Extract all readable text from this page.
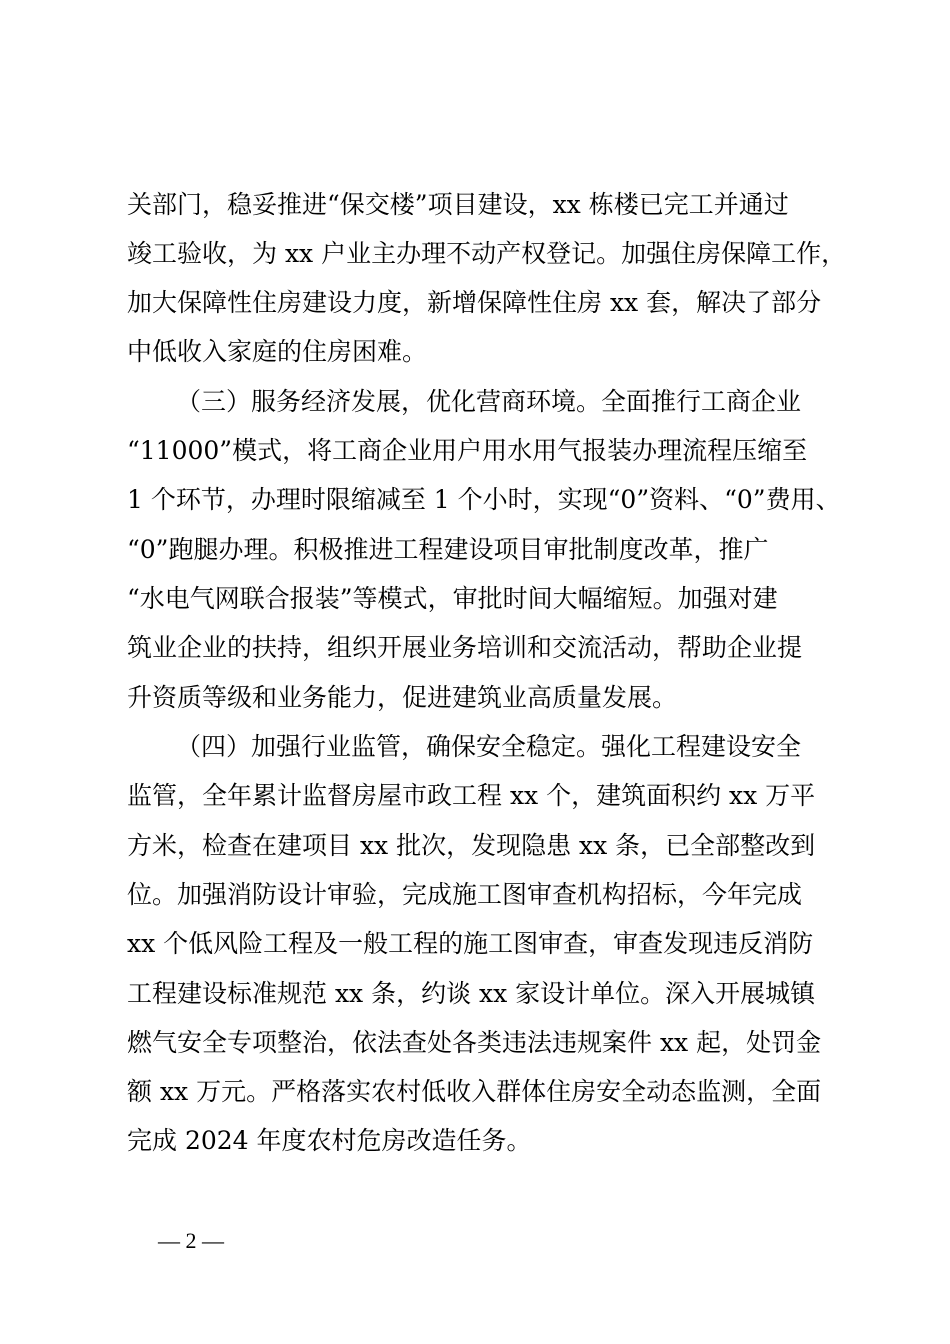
关部门，稳妥推进“保交楼”项目建设，xx 栋楼已完工并通过
竣工验收，为 xx 户业主办理不动产权登记。加强住房保障工作，
加大保障性住房建设力度，新增保障性住房 xx 套，解决了部分
中低收入家庭的住房困难。
（三）服务经济发展，优化营商环境。全面推行工商企业
“11000”模式，将工商企业用户用水用气报装办理流程压缩至
1 个环节，办理时限缩减至 1 个小时，实现“0”资料、“0”费用、
“0”跑腿办理。积极推进工程建设项目审批制度改革，推广
“水电气网联合报装”等模式，审批时间大幅缩短。加强对建
筑业企业的扶持，组织开展业务培训和交流活动，帮助企业提
升资质等级和业务能力，促进建筑业高质量发展。
（四）加强行业监管，确保安全稳定。强化工程建设安全
监管，全年累计监督房屋市政工程 xx 个，建筑面积约 xx 万平
方米，检查在建项目 xx 批次，发现隐患 xx 条，已全部整改到
位。加强消防设计审验，完成施工图审查机构招标，今年完成
xx 个低风险工程及一般工程的施工图审查，审查发现违反消防
工程建设标准规范 xx 条，约谈 xx 家设计单位。深入开展城镇
燃气安全专项整治，依法查处各类违法违规案件 xx 起，处罚金
额 xx 万元。严格落实农村低收入群体住房安全动态监测，全面
完成 2024 年度农村危房改造任务。
— 2 —
